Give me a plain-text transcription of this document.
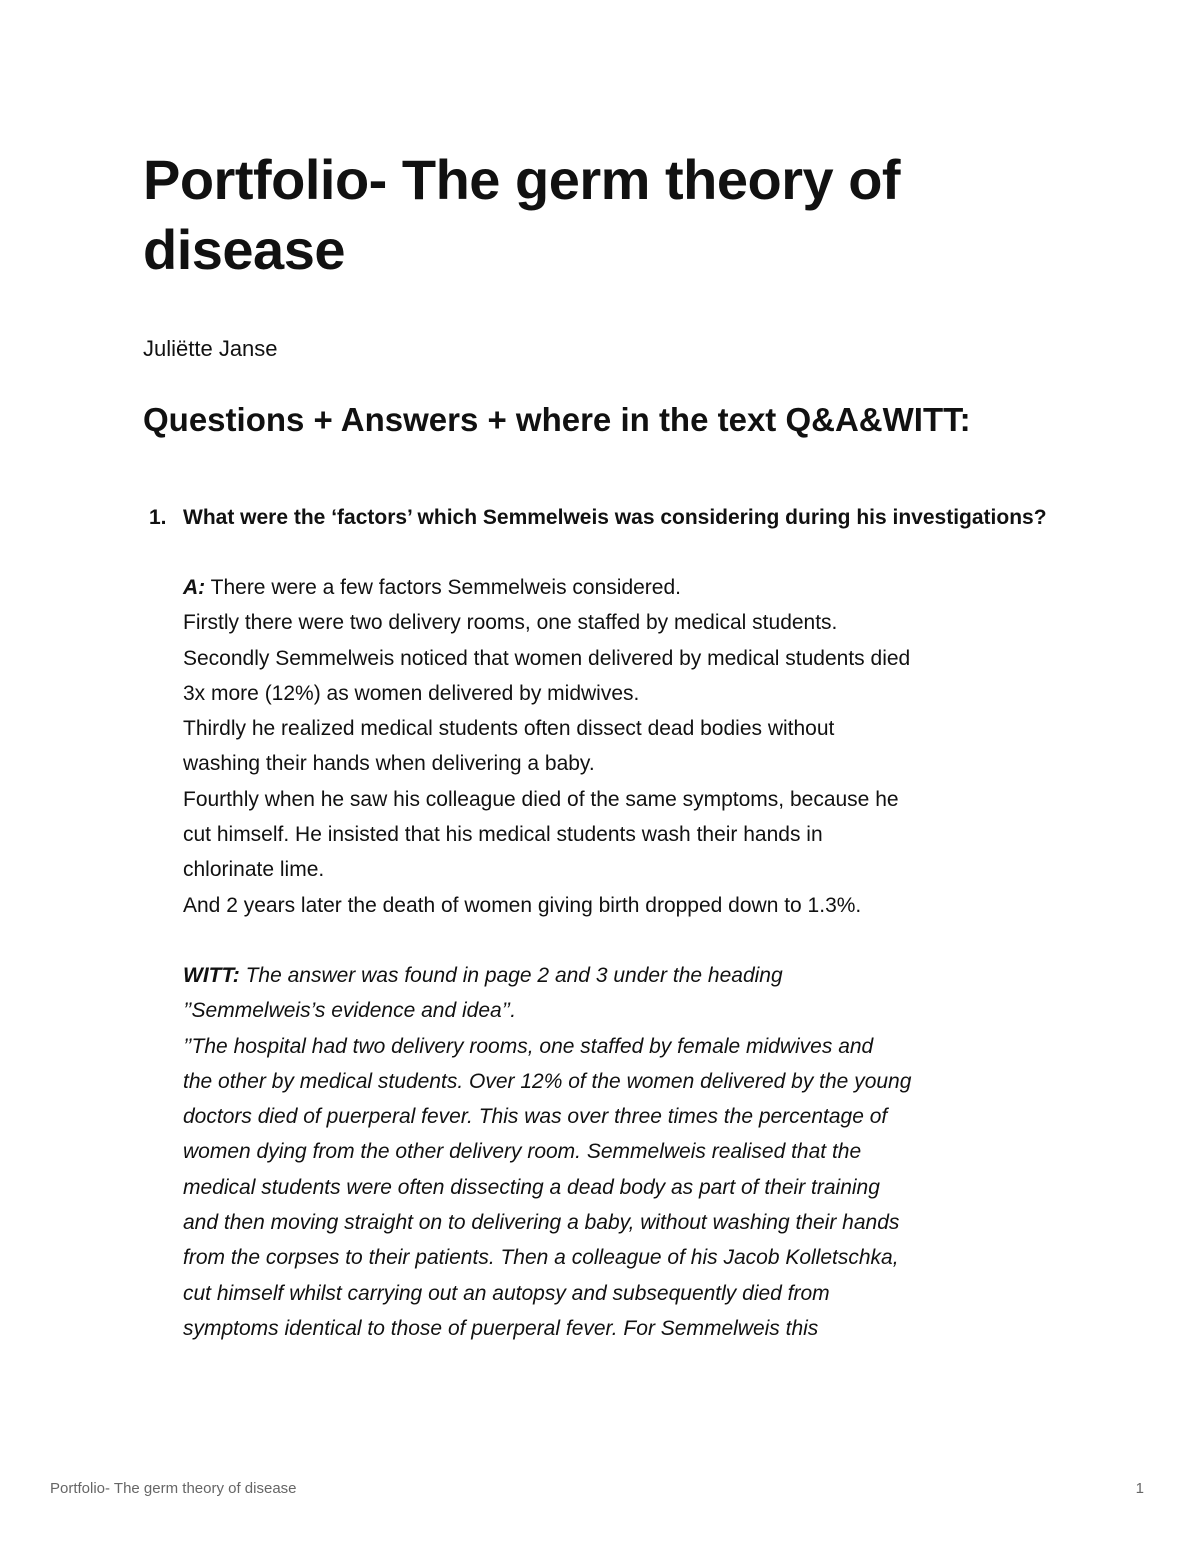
Portfolio- The germ theory of disease
Juliëtte Janse
Questions + Answers + where in the text Q&A&WITT:
1. What were the ‘factors’ which Semmelweis was considering during his investigations?

A: There were a few factors Semmelweis considered.

Firstly there were two delivery rooms, one staffed by medical students.

Secondly Semmelweis noticed that women delivered by medical students died

3x more (12%) as women delivered by midwives.

Thirdly he realized medical students often dissect dead bodies without

washing their hands when delivering a baby.

Fourthly when he saw his colleague died of the same symptoms, because he

cut himself. He insisted that his medical students wash their hands in

chlorinate lime.

And 2 years later the death of women giving birth dropped down to 1.3%.

WITT: The answer was found in page 2 and 3 under the heading

’’Semmelweis’s evidence and idea’’.

’’The hospital had two delivery rooms, one staffed by female midwives and

the other by medical students. Over 12% of the women delivered by the young

doctors died of puerperal fever. This was over three times the percentage of

women dying from the other delivery room. Semmelweis realised that the

medical students were often dissecting a dead body as part of their training

and then moving straight on to delivering a baby, without washing their hands

from the corpses to their patients. Then a colleague of his Jacob Kolletschka,

cut himself whilst carrying out an autopsy and subsequently died from

symptoms identical to those of puerperal fever. For Semmelweis this

Portfolio- The germ theory of disease	1
